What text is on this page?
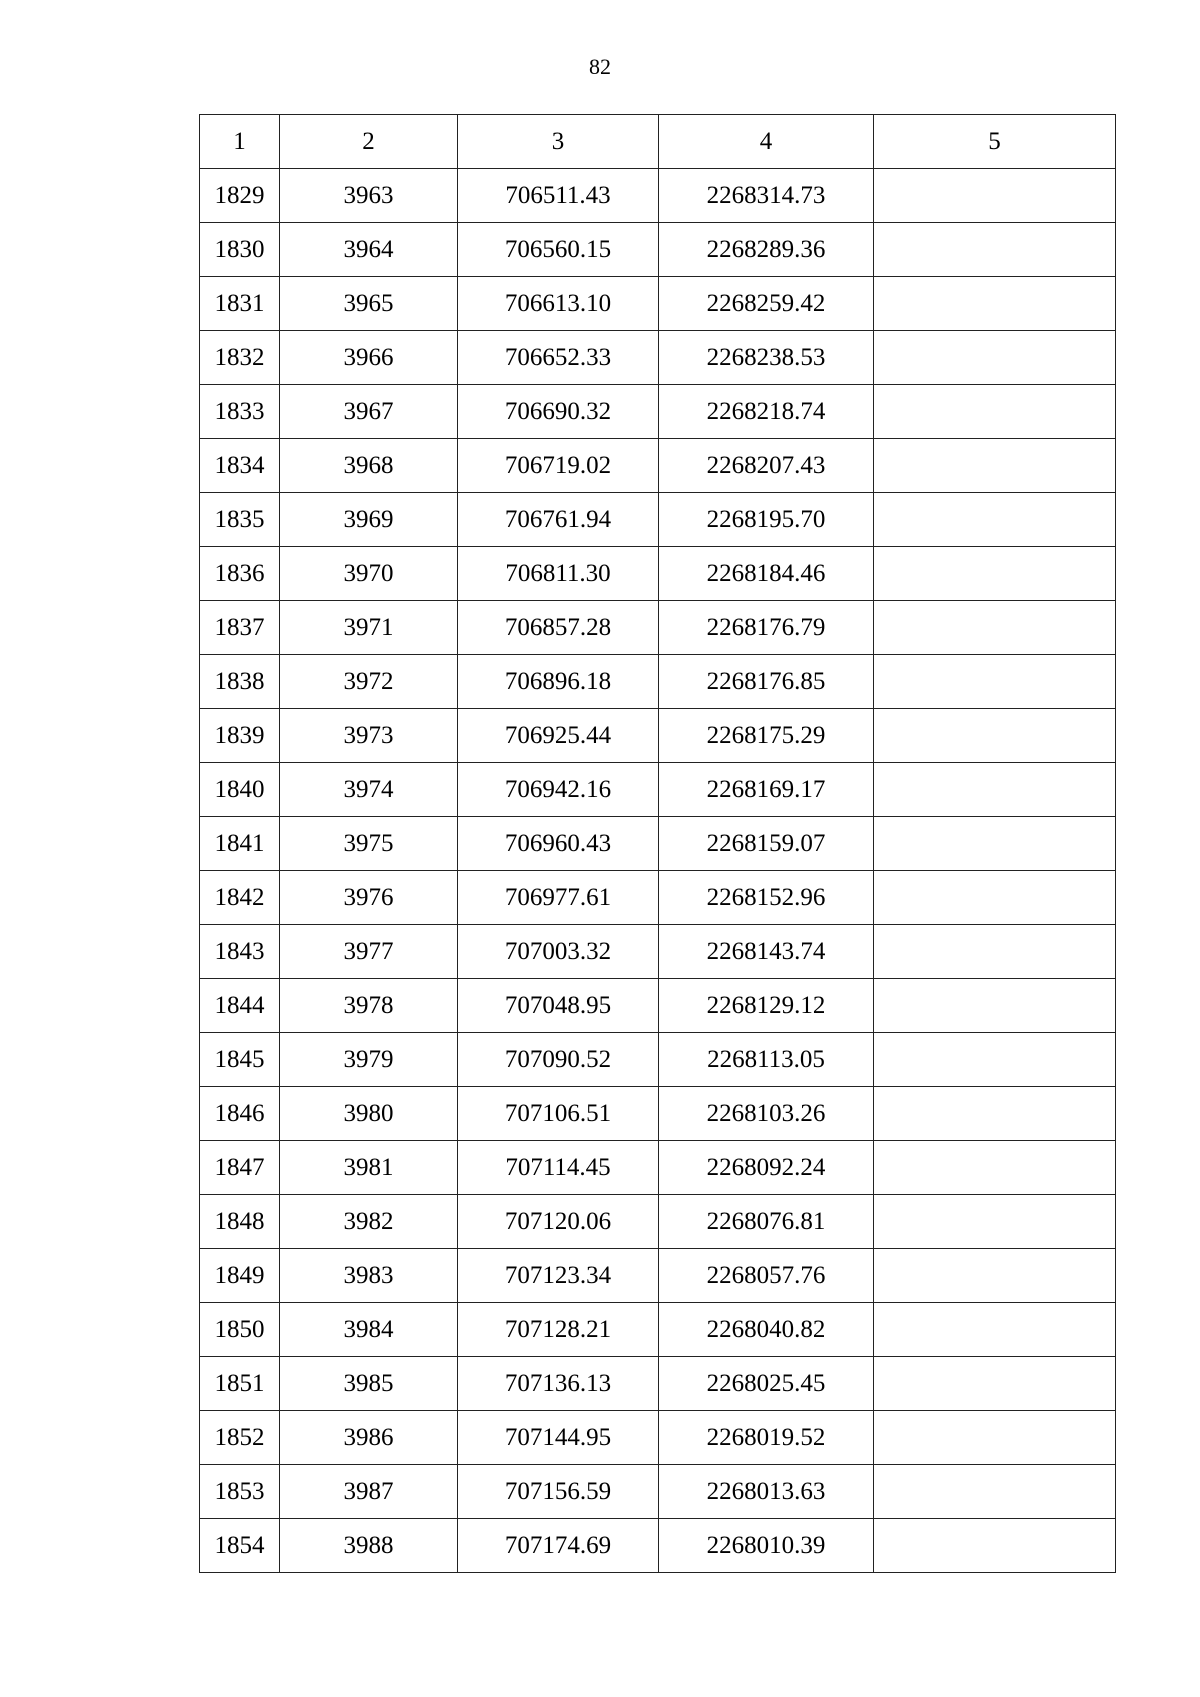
82
1	2	3	4	5
1829	3963	706511.43	2268314.73	
1830	3964	706560.15	2268289.36	
1831	3965	706613.10	2268259.42	
1832	3966	706652.33	2268238.53	
1833	3967	706690.32	2268218.74	
1834	3968	706719.02	2268207.43	
1835	3969	706761.94	2268195.70	
1836	3970	706811.30	2268184.46	
1837	3971	706857.28	2268176.79	
1838	3972	706896.18	2268176.85	
1839	3973	706925.44	2268175.29	
1840	3974	706942.16	2268169.17	
1841	3975	706960.43	2268159.07	
1842	3976	706977.61	2268152.96	
1843	3977	707003.32	2268143.74	
1844	3978	707048.95	2268129.12	
1845	3979	707090.52	2268113.05	
1846	3980	707106.51	2268103.26	
1847	3981	707114.45	2268092.24	
1848	3982	707120.06	2268076.81	
1849	3983	707123.34	2268057.76	
1850	3984	707128.21	2268040.82	
1851	3985	707136.13	2268025.45	
1852	3986	707144.95	2268019.52	
1853	3987	707156.59	2268013.63	
1854	3988	707174.69	2268010.39	
